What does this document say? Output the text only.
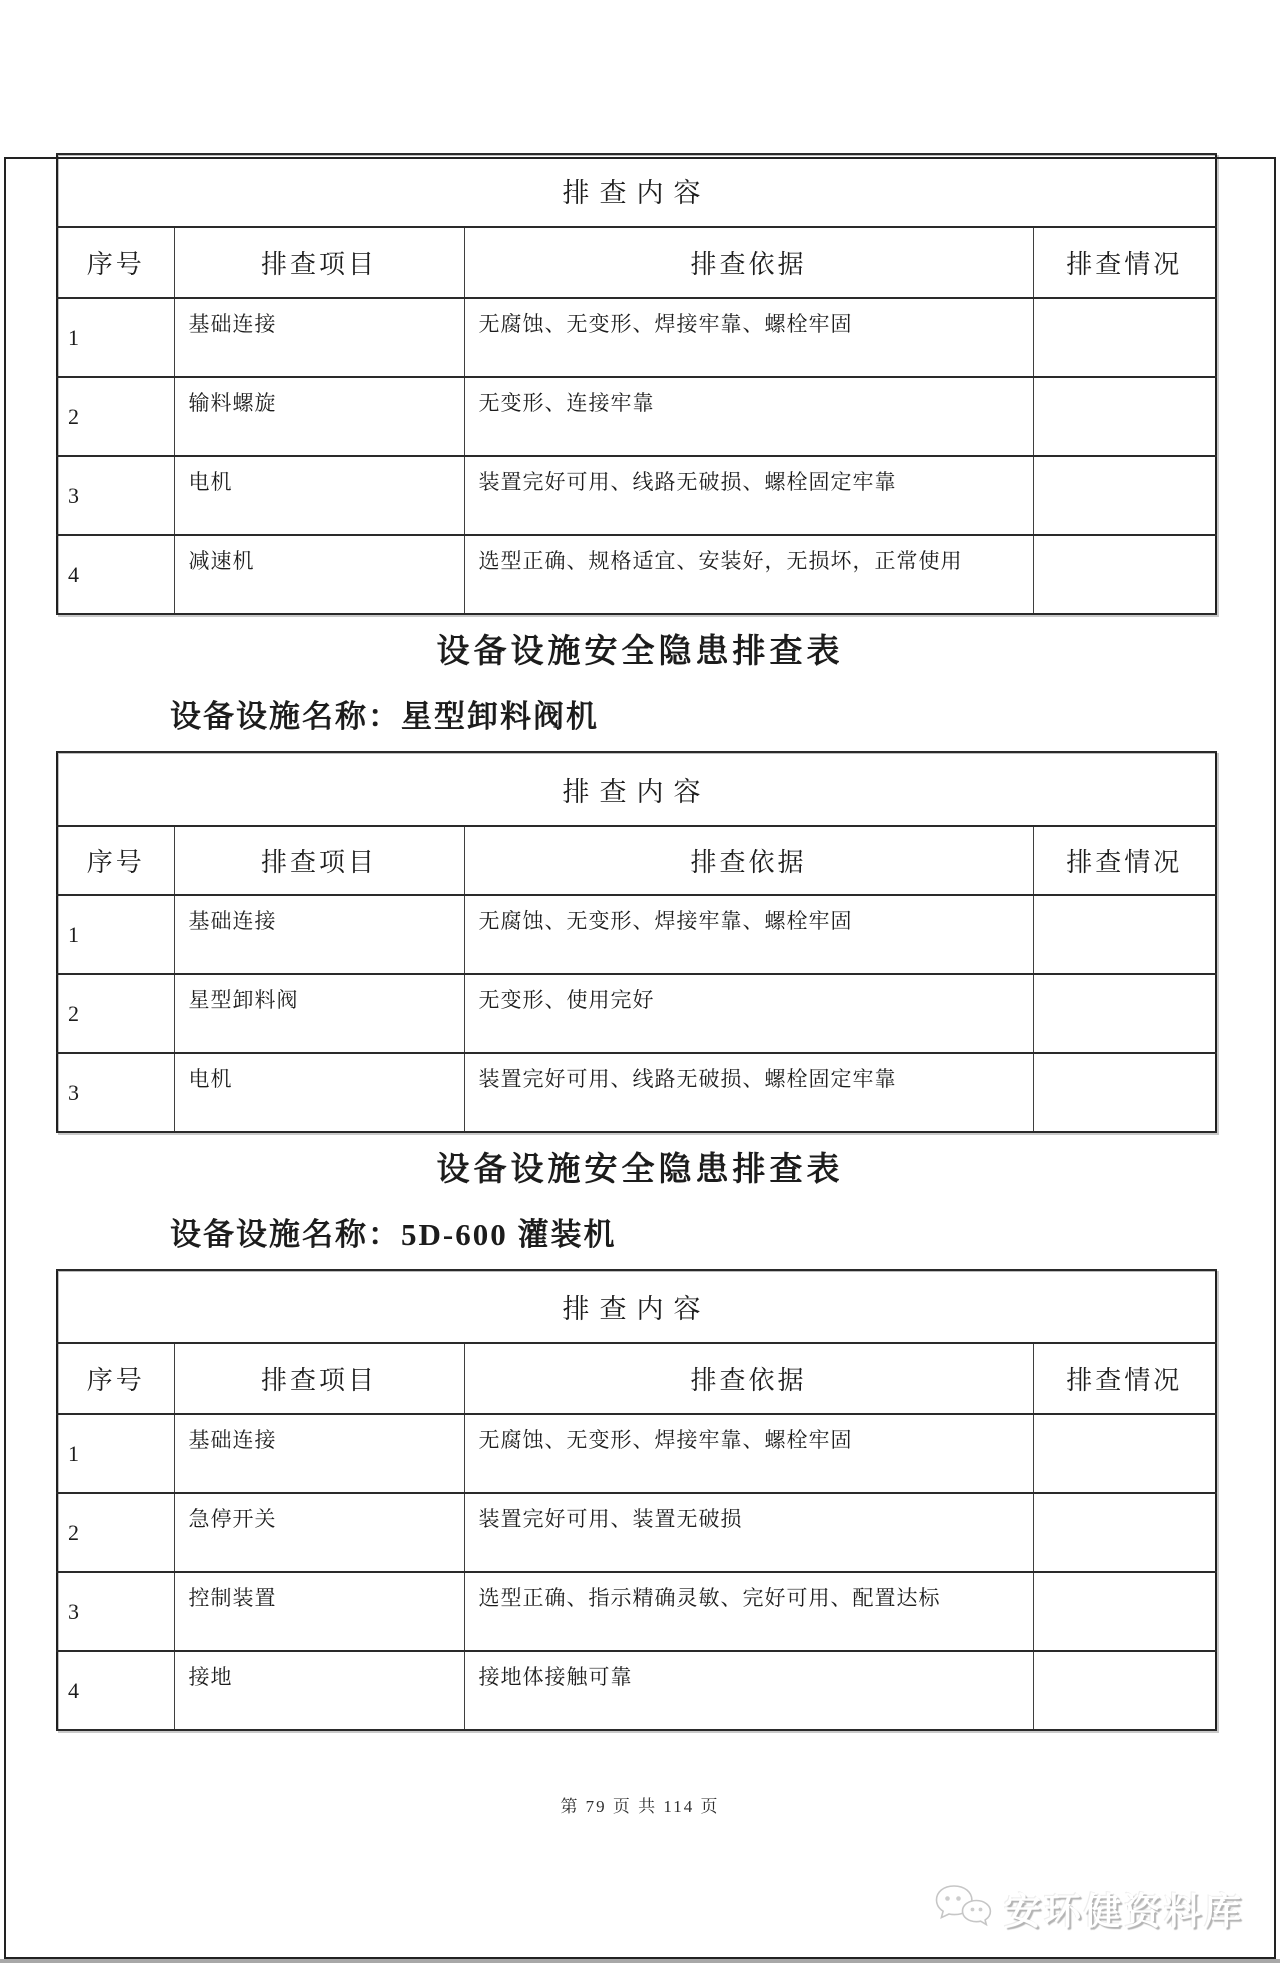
排查内容			
序号	排查项目	排查依据	排查情况
1	基础连接	无腐蚀、无变形、焊接牢靠、螺栓牢固	
2	输料螺旋	无变形、连接牢靠	
3	电机	装置完好可用、线路无破损、螺栓固定牢靠	
4	减速机	选型正确、规格适宜、安装好，无损坏，正常使用	
设备设施安全隐患排查表
设备设施名称：星型卸料阀机
排查内容			
序号	排查项目	排查依据	排查情况
1	基础连接	无腐蚀、无变形、焊接牢靠、螺栓牢固	
2	星型卸料阀	无变形、使用完好	
3	电机	装置完好可用、线路无破损、螺栓固定牢靠	
设备设施安全隐患排查表
设备设施名称：5D-600 灌装机
排查内容			
序号	排查项目	排查依据	排查情况
1	基础连接	无腐蚀、无变形、焊接牢靠、螺栓牢固	
2	急停开关	装置完好可用、装置无破损	
3	控制装置	选型正确、指示精确灵敏、完好可用、配置达标	
4	接地	接地体接触可靠	
第 79 页 共 114 页
安环健资料库
